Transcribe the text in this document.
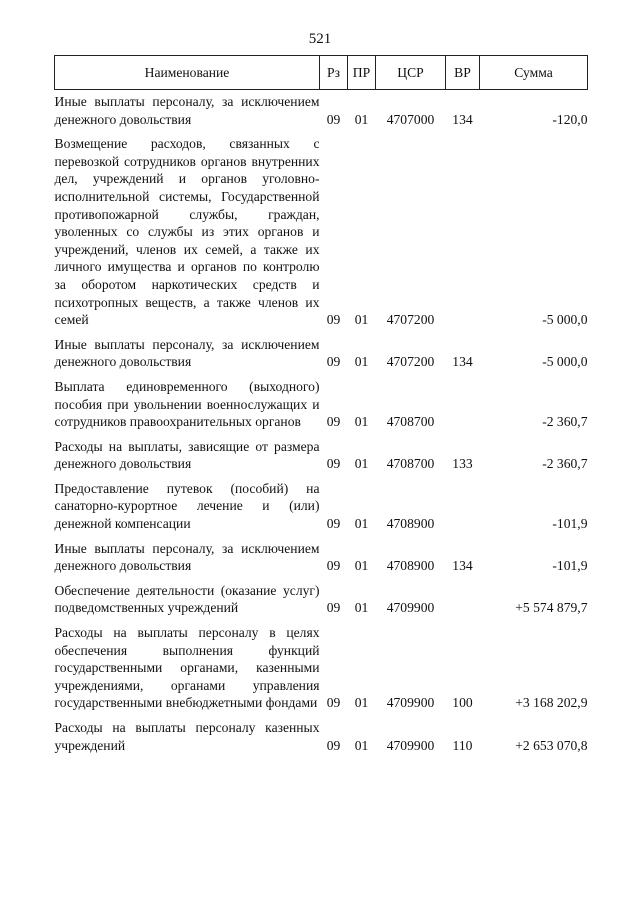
521
Наименование	Рз	ПР	ЦСР	ВР	Сумма
Иные выплаты персоналу, за исключением денежного довольствия	09	01	4707000	134	-120,0
Возмещение расходов, связанных с перевозкой сотрудников органов внутренних дел, учреждений и органов уголовно-исполнительной системы, Государственной противопожарной службы, граждан, уволенных со службы из этих органов и учреждений, членов их семей, а также их личного имущества и органов по контролю за оборотом наркотических средств и психотропных веществ, а также членов их семей	09	01	4707200		-5 000,0
Иные выплаты персоналу, за исключением денежного довольствия	09	01	4707200	134	-5 000,0
Выплата единовременного (выходного) пособия при увольнении военнослужащих и сотрудников правоохранительных органов	09	01	4708700		-2 360,7
Расходы на выплаты, зависящие от размера денежного довольствия	09	01	4708700	133	-2 360,7
Предоставление путевок (пособий) на санаторно-курортное лечение и (или) денежной компенсации	09	01	4708900		-101,9
Иные выплаты персоналу, за исключением денежного довольствия	09	01	4708900	134	-101,9
Обеспечение деятельности (оказание услуг) подведомственных учреждений	09	01	4709900		+5 574 879,7
Расходы на выплаты персоналу в целях обеспечения выполнения функций государственными органами, казенными учреждениями, органами управления государственными внебюджетными фондами	09	01	4709900	100	+3 168 202,9
Расходы на выплаты персоналу казенных учреждений	09	01	4709900	110	+2 653 070,8
